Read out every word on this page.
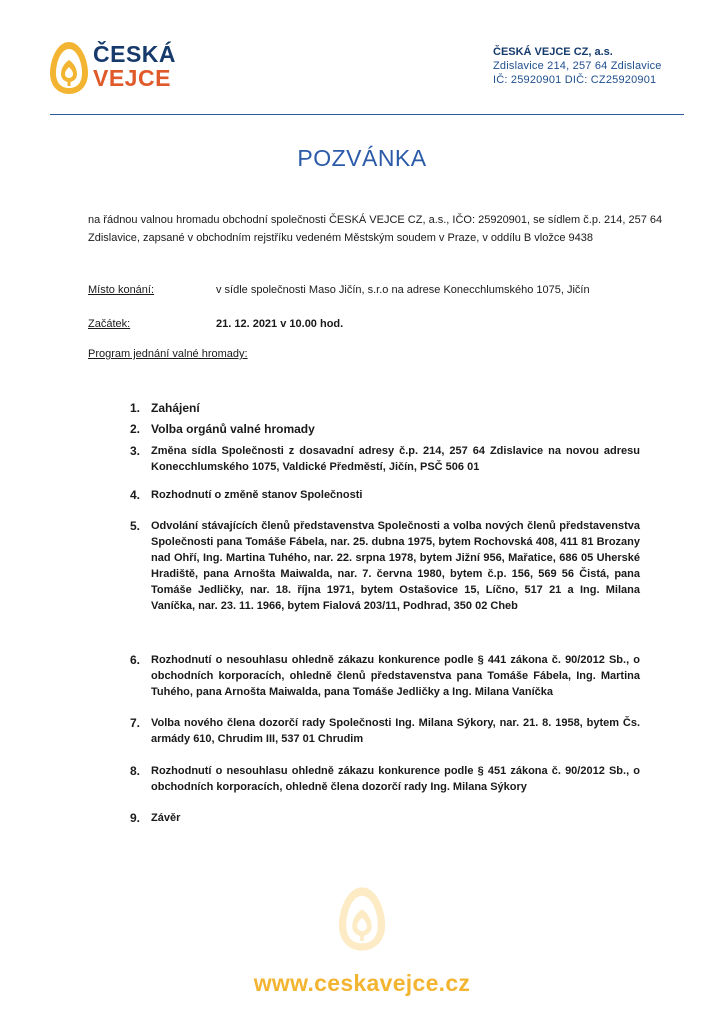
ČESKÁ
VEJCE
ČESKÁ VEJCE CZ, a.s.
Zdislavice 214, 257 64 Zdislavice
IČ: 25920901 DIČ: CZ25920901
POZVÁNKA
na řádnou valnou hromadu obchodní společnosti ČESKÁ VEJCE CZ, a.s., IČO: 25920901, se sídlem č.p. 214, 257 64 Zdislavice, zapsané v obchodním rejstříku vedeném Městským soudem v Praze, v oddílu B vložce 9438
Místo konání:	v sídle společnosti Maso Jičín, s.r.o na adrese Konecchlumského 1075, Jičín
Začátek:	21. 12. 2021 v 10.00 hod.
Program jednání valné hromady:
1. Zahájení
2. Volba orgánů valné hromady
3. Změna sídla Společnosti z dosavadní adresy č.p. 214, 257 64 Zdislavice na novou adresu Konecchlumského 1075, Valdické Předměstí, Jičín, PSČ 506 01
4. Rozhodnutí o změně stanov Společnosti
5. Odvolání stávajících členů představenstva Společnosti a volba nových členů představenstva Společnosti pana Tomáše Fábela, nar. 25. dubna 1975, bytem Rochovská 408, 411 81 Brozany nad Ohří, Ing. Martina Tuhého, nar. 22. srpna 1978, bytem Jižní 956, Mařatice, 686 05 Uherské Hradiště, pana Arnošta Maiwalda, nar. 7. června 1980, bytem č.p. 156, 569 56 Čistá, pana Tomáše Jedličky, nar. 18. října 1971, bytem Ostašovice 15, Líčno, 517 21 a Ing. Milana Vaníčka, nar. 23. 11. 1966, bytem Fialová 203/11, Podhrad, 350 02 Cheb
6. Rozhodnutí o nesouhlasu ohledně zákazu konkurence podle § 441 zákona č. 90/2012 Sb., o obchodních korporacích, ohledně členů představenstva pana Tomáše Fábela, Ing. Martina Tuhého, pana Arnošta Maiwalda, pana Tomáše Jedličky a Ing. Milana Vaníčka
7. Volba nového člena dozorčí rady Společnosti Ing. Milana Sýkory, nar. 21. 8. 1958, bytem Čs. armády 610, Chrudim III, 537 01 Chrudim
8. Rozhodnutí o nesouhlasu ohledně zákazu konkurence podle § 451 zákona č. 90/2012 Sb., o obchodních korporacích, ohledně člena dozorčí rady Ing. Milana Sýkory
9. Závěr
www.ceskavejce.cz
